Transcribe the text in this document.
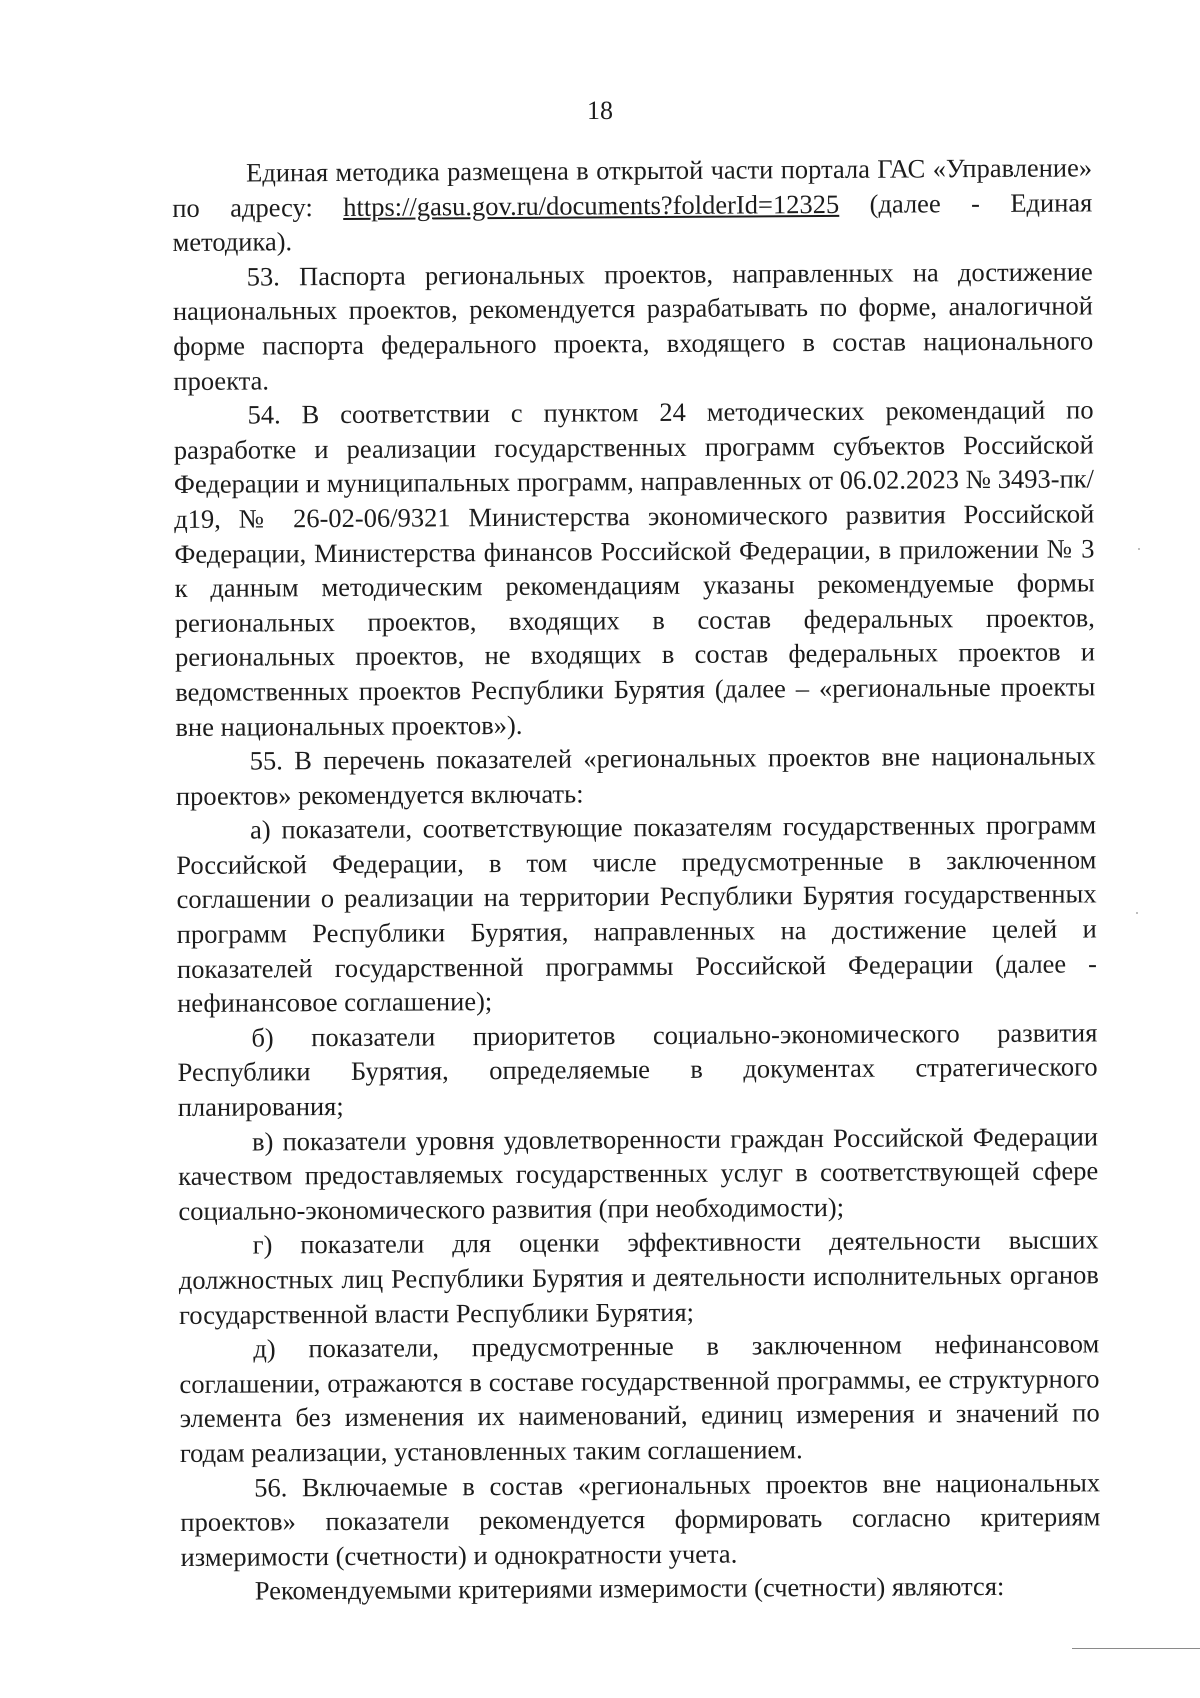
18

Единая методика размещена в открытой части портала ГАС «Управление» по адресу: https://gasu.gov.ru/documents?folderId=12325 (далее - Единая методика).

53. Паспорта региональных проектов, направленных на достижение национальных проектов, рекомендуется разрабатывать по форме, аналогичной форме паспорта федерального проекта, входящего в состав национального проекта.

54. В соответствии с пунктом 24 методических рекомендаций по разработке и реализации государственных программ субъектов Российской Федерации и муниципальных программ, направленных от 06.02.2023 № 3493-пк/д19, № 26-02-06/9321 Министерства экономического развития Российской Федерации, Министерства финансов Российской Федерации, в приложении № 3 к данным методическим рекомендациям указаны рекомендуемые формы региональных проектов, входящих в состав федеральных проектов, региональных проектов, не входящих в состав федеральных проектов и ведомственных проектов Республики Бурятия (далее – «региональные проекты вне национальных проектов»).

55. В перечень показателей «региональных проектов вне национальных проектов» рекомендуется включать:

а) показатели, соответствующие показателям государственных программ Российской Федерации, в том числе предусмотренные в заключенном соглашении о реализации на территории Республики Бурятия государственных программ Республики Бурятия, направленных на достижение целей и показателей государственной программы Российской Федерации (далее - нефинансовое соглашение);

б) показатели приоритетов социально-экономического развития Республики Бурятия, определяемые в документах стратегического планирования;

в) показатели уровня удовлетворенности граждан Российской Федерации качеством предоставляемых государственных услуг в соответствующей сфере социально-экономического развития (при необходимости);

г) показатели для оценки эффективности деятельности высших должностных лиц Республики Бурятия и деятельности исполнительных органов государственной власти Республики Бурятия;

д) показатели, предусмотренные в заключенном нефинансовом соглашении, отражаются в составе государственной программы, ее структурного элемента без изменения их наименований, единиц измерения и значений по годам реализации, установленных таким соглашением.

56. Включаемые в состав «региональных проектов вне национальных проектов» показатели рекомендуется формировать согласно критериям измеримости (счетности) и однократности учета.

Рекомендуемыми критериями измеримости (счетности) являются:
